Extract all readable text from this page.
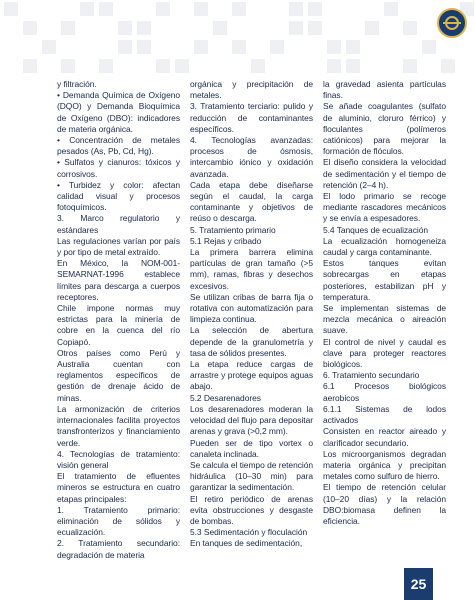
y filtración.

• Demanda Química de Oxígeno (DQO) y Demanda Bioquímica de Oxígeno (DBO): indicadores de materia orgánica.

• Concentración de metales pesados (As, Pb, Cd, Hg).

• Sulfatos y cianuros: tóxicos y corrosivos.

• Turbidez y color: afectan calidad visual y procesos fotoquímicos.

3. Marco regulatorio y estándares

Las regulaciones varían por país y por tipo de metal extraído.

En México, la NOM-001-SEMARNAT-1996 establece límites para descarga a cuerpos receptores.

Chile impone normas muy estrictas para la minería de cobre en la cuenca del río Copiapó.

Otros países como Perú y Australia cuentan con reglamentos específicos de gestión de drenaje ácido de minas.

La armonización de criterios internacionales facilita proyectos transfronterizos y financiamiento verde.

4. Tecnologías de tratamiento: visión general

El tratamiento de efluentes mineros se estructura en cuatro etapas principales:

1. Tratamiento primario: eliminación de sólidos y ecualización.

2. Tratamiento secundario: degradación de materia

orgánica y precipitación de metales.

3. Tratamiento terciario: pulido y reducción de contaminantes específicos.

4. Tecnologías avanzadas: procesos de ósmosis, intercambio iónico y oxidación avanzada.

Cada etapa debe diseñarse según el caudal, la carga contaminante y objetivos de reúso o descarga.

5. Tratamiento primario

5.1 Rejas y cribado

La primera barrera elimina partículas de gran tamaño (>5 mm), ramas, fibras y desechos excesivos.

Se utilizan cribas de barra fija o rotativa con automatización para limpieza continua.

La selección de abertura depende de la granulometría y tasa de sólidos presentes.

La etapa reduce cargas de arrastre y protege equipos aguas abajo.

5.2 Desarenadores

Los desarenadores moderan la velocidad del flujo para depositar arenas y grava (>0,2 mm).

Pueden ser de tipo vortex o canaleta inclinada.

Se calcula el tiempo de retención hidráulica (10–30 min) para garantizar la sedimentación.

El retiro periódico de arenas evita obstrucciones y desgaste de bombas.

5.3 Sedimentación y floculación

En tanques de sedimentación,

la gravedad asienta partículas finas.

Se añade coagulantes (sulfato de aluminio, cloruro férrico) y floculantes (polímeros catiónicos) para mejorar la formación de flóculos.

El diseño considera la velocidad de sedimentación y el tiempo de retención (2–4 h).

El lodo primario se recoge mediante rascadores mecánicos y se envía a espesadores.

5.4 Tanques de ecualización

La ecualización homogeneiza caudal y carga contaminante.

Estos tanques evitan sobrecargas en etapas posteriores, estabilizan pH y temperatura.

Se implementan sistemas de mezcla mecánica o aireación suave.

El control de nivel y caudal es clave para proteger reactores biológicos.

6. Tratamiento secundario

6.1 Procesos biológicos aerobicos

6.1.1 Sistemas de lodos activados

Consisten en reactor aireado y clarificador secundario.

Los microorganismos degradan materia orgánica y precipitan metales como sulfuro de hierro.

El tiempo de retención celular (10–20 días) y la relación DBO:biomasa definen la eficiencia.

25
